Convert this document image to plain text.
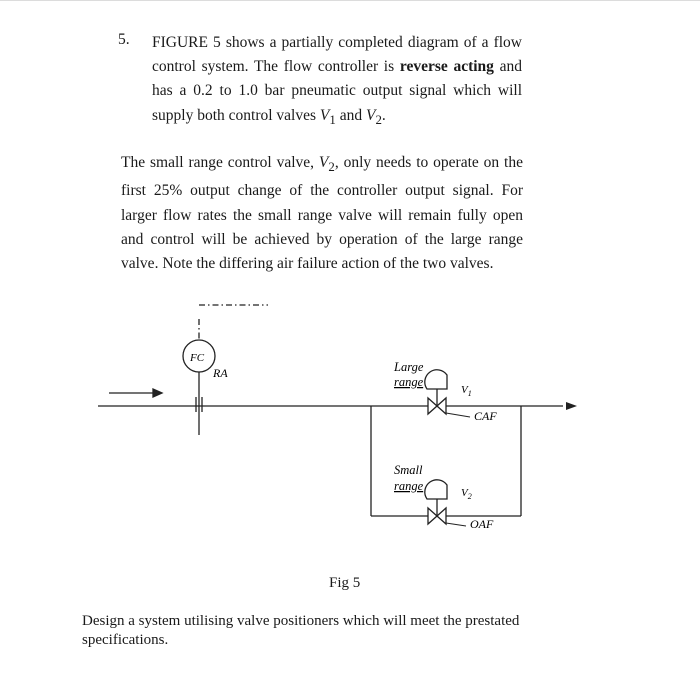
5. FIGURE 5 shows a partially completed diagram of a flow
control system. The flow controller is reverse acting and
has a 0.2 to 1.0 bar pneumatic output signal which will
supply both control valves $V_1$ and $V_2$.
The small range control valve, $V_2$, only needs to operate on the
first 25% output change of the controller output signal. For
larger flow rates the small range valve will remain fully open
and control will be achieved by operation of the large range
valve. Note the differing air failure action of the two valves.
FC
RA	Large
range
$V_1$
CAF
Small
range	$V_2$
OAF
Fig 5
Design a system utilising valve positioners which will meet the prestated specifications.
